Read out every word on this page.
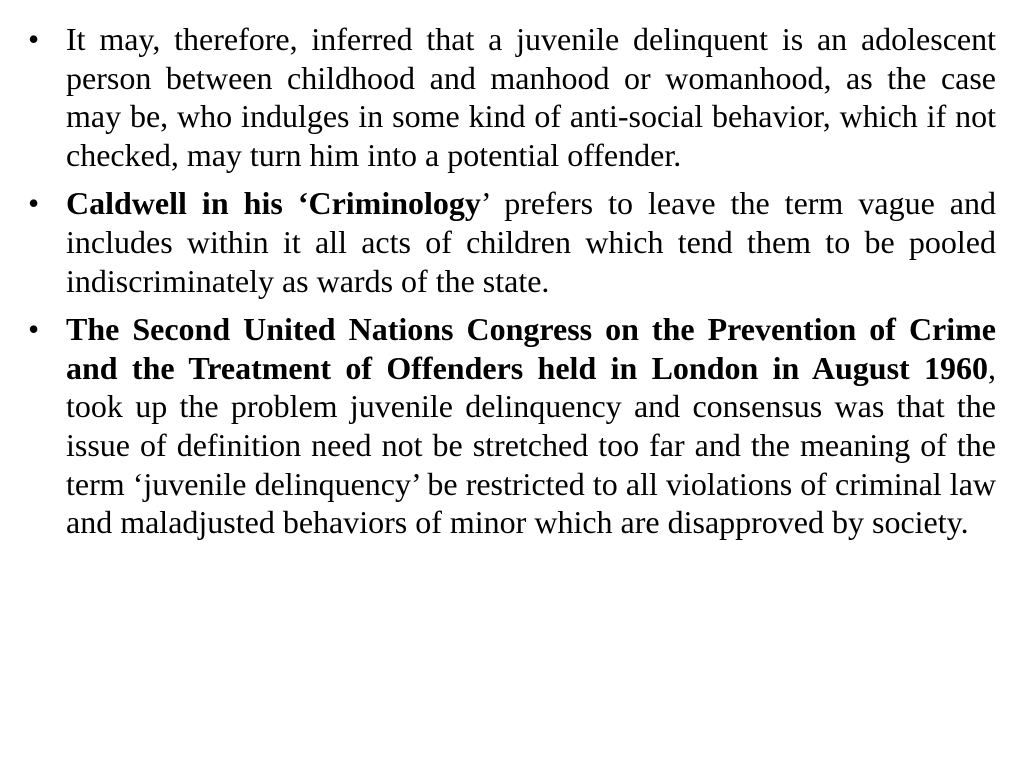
• It may, therefore, inferred that a juvenile delinquent is an adolescent person between childhood and manhood or womanhood, as the case may be, who indulges in some kind of anti-social behavior, which if not checked, may turn him into a potential offender.
• Caldwell in his ‘Criminology’ prefers to leave the term vague and includes within it all acts of children which tend them to be pooled indiscriminately as wards of the state.
• The Second United Nations Congress on the Prevention of Crime and the Treatment of Offenders held in London in August 1960, took up the problem juvenile delinquency and consensus was that the issue of definition need not be stretched too far and the meaning of the term ‘juvenile delinquency’ be restricted to all violations of criminal law and maladjusted behaviors of minor which are disapproved by society.
